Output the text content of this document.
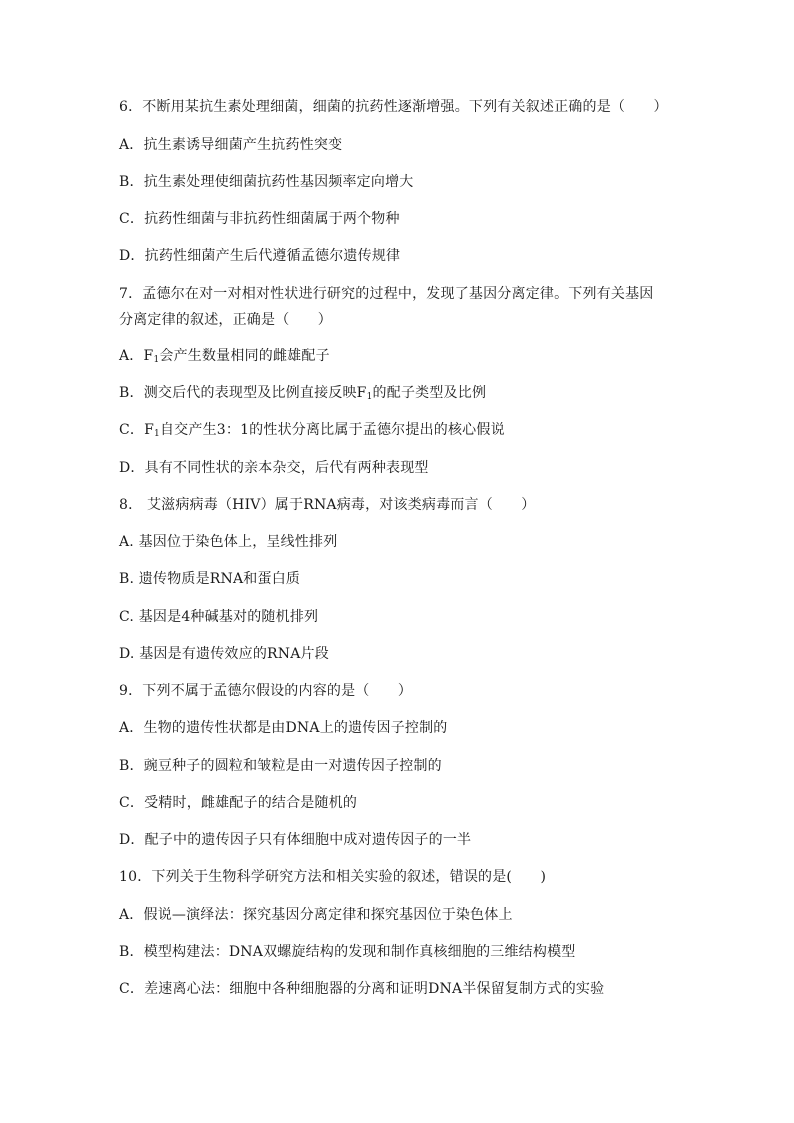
6．不断用某抗生素处理细菌，细菌的抗药性逐渐增强。下列有关叙述正确的是（　　）
A．抗生素诱导细菌产生抗药性突变
B．抗生素处理使细菌抗药性基因频率定向增大
C．抗药性细菌与非抗药性细菌属于两个物种
D．抗药性细菌产生后代遵循孟德尔遗传规律
7．孟德尔在对一对相对性状进行研究的过程中，发现了基因分离定律。下列有关基因
分离定律的叙述，正确是（　　）
A．$F_1$会产生数量相同的雌雄配子
B．测交后代的表现型及比例直接反映$F_1$的配子类型及比例
C．$F_1$自交产生3：1的性状分离比属于孟德尔提出的核心假说
D．具有不同性状的亲本杂交，后代有两种表现型
8． 艾滋病病毒（HIV）属于RNA病毒，对该类病毒而言（　　）
A. 基因位于染色体上，呈线性排列
B. 遗传物质是RNA和蛋白质
C. 基因是4种碱基对的随机排列
D. 基因是有遗传效应的RNA片段
9．下列不属于孟德尔假设的内容的是（　　）
A．生物的遗传性状都是由DNA上的遗传因子控制的
B．豌豆种子的圆粒和皱粒是由一对遗传因子控制的
C．受精时，雌雄配子的结合是随机的
D．配子中的遗传因子只有体细胞中成对遗传因子的一半
10．下列关于生物科学研究方法和相关实验的叙述，错误的是(　　)
A．假说—演绎法：探究基因分离定律和探究基因位于染色体上
B．模型构建法：DNA双螺旋结构的发现和制作真核细胞的三维结构模型
C．差速离心法：细胞中各种细胞器的分离和证明DNA半保留复制方式的实验
